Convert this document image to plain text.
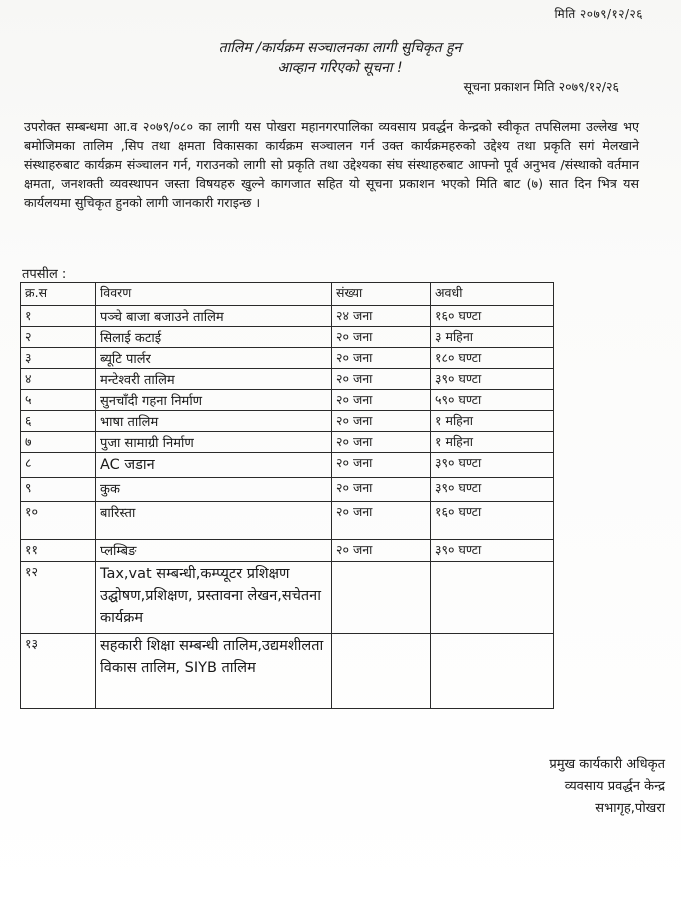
मिति २०७९/१२/२६
तालिम /कार्यक्रम सञ्चालनका लागी सुचिकृत हुन
आव्हान गरिएको सूचना !
सूचना प्रकाशन मिति २०७९/१२/२६
उपरोक्त सम्बन्धमा आ.व २०७९/०८० का लागी यस पोखरा महानगरपालिका व्यवसाय प्रवर्द्धन केन्द्रको स्वीकृत तपसिलमा उल्लेख भए बमोजिमका तालिम ,सिप तथा क्षमता विकासका कार्यक्रम सञ्चालन गर्न उक्त कार्यक्रमहरुको उद्देश्य तथा प्रकृति सगं मेलखाने संस्थाहरुबाट कार्यक्रम संञ्चालन गर्न, गराउनको लागी सो प्रकृति तथा उद्देश्यका संघ संस्थाहरुबाट आफ्नो पूर्व अनुभव /संस्थाको वर्तमान क्षमता, जनशक्ती व्यवस्थापन जस्ता विषयहरु खुल्ने कागजात सहित यो सूचना प्रकाशन भएको मिति बाट (७) सात दिन भित्र यस कार्यलयमा सुचिकृत हुनको लागी जानकारी गराइन्छ ।
तपसील :
क्र.स	विवरण	संख्या	अवधी
१	पञ्चे बाजा बजाउने तालिम	२४ जना	१६० घण्टा
२	सिलाई कटाई	२० जना	३ महिना
३	ब्यूटि पार्लर	२० जना	१८० घण्टा
४	मन्टेश्वरी तालिम	२० जना	३९० घण्टा
५	सुनचाँदी गहना निर्माण	२० जना	५९० घण्टा
६	भाषा तालिम	२० जना	१ महिना
७	पुजा सामाग्री निर्माण	२० जना	१ महिना
८	AC जडान	२० जना	३९० घण्टा
९	कुक	२० जना	३९० घण्टा
१०	बारिस्ता	२० जना	१६० घण्टा
११	प्लम्बिङ	२० जना	३९० घण्टा
१२	Tax,vat सम्बन्धी,कम्प्यूटर प्रशिक्षण उद्घोषण,प्रशिक्षण, प्रस्तावना लेखन,सचेतना कार्यक्रम		
१३	सहकारी शिक्षा सम्बन्धी तालिम,उद्यमशीलता विकास तालिम, SIYB तालिम		
प्रमुख कार्यकारी अधिकृत
व्यवसाय प्रवर्द्धन केन्द्र
सभागृह,पोखरा
